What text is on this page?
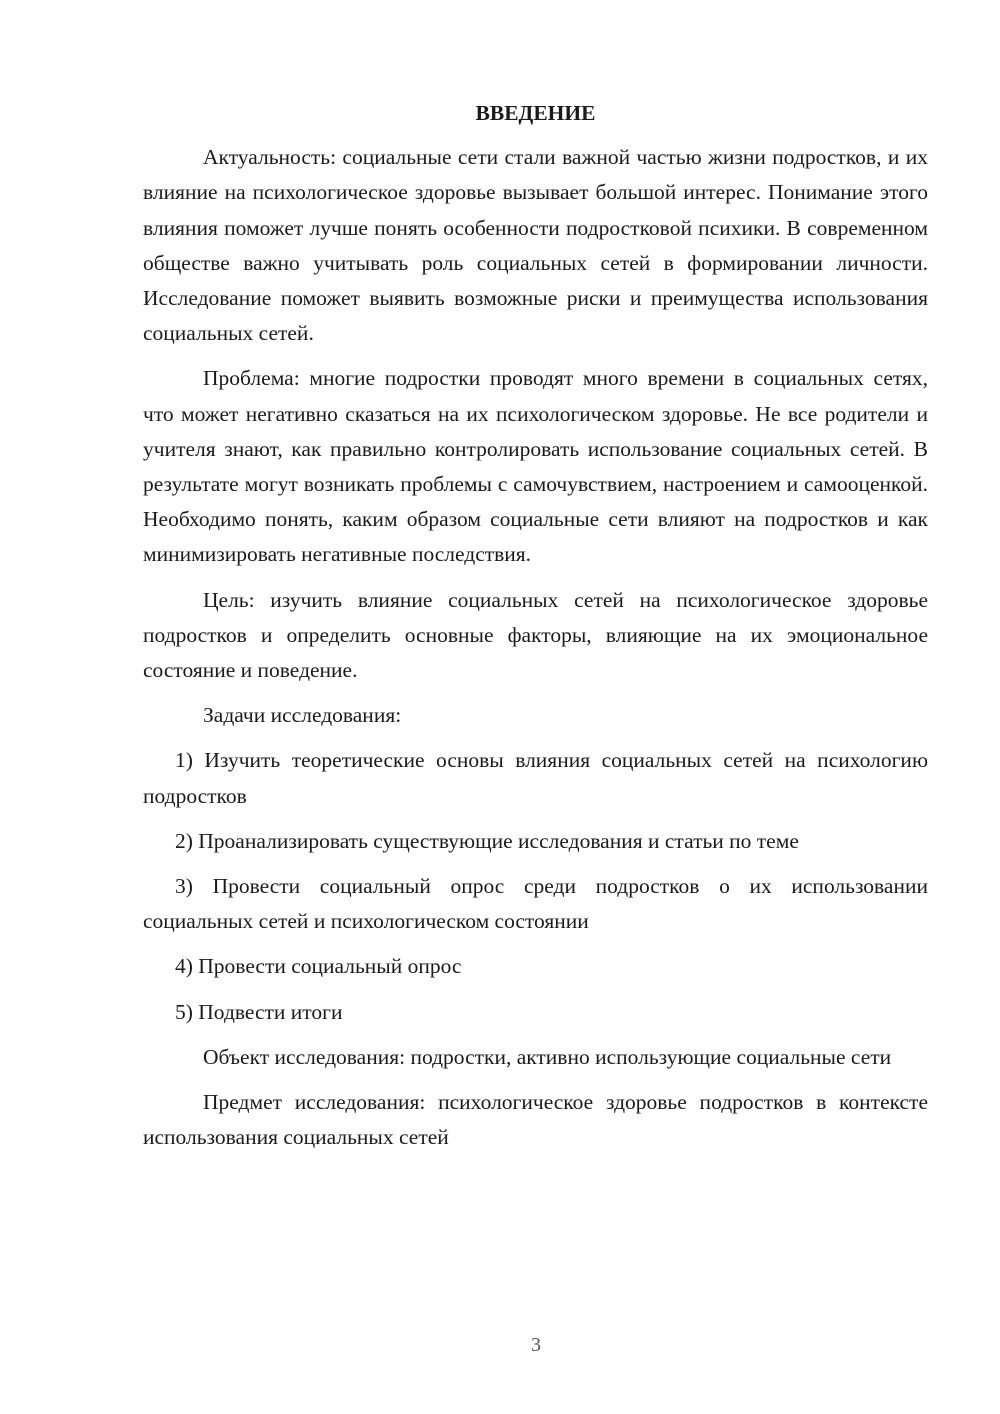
ВВЕДЕНИЕ

Актуальность: социальные сети стали важной частью жизни подростков, и их влияние на психологическое здоровье вызывает большой интерес. Понимание этого влияния поможет лучше понять особенности подростковой психики. В современном обществе важно учитывать роль социальных сетей в формировании личности. Исследование поможет выявить возможные риски и преимущества использования социальных сетей.

Проблема: многие подростки проводят много времени в социальных сетях, что может негативно сказаться на их психологическом здоровье. Не все родители и учителя знают, как правильно контролировать использование социальных сетей. В результате могут возникать проблемы с самочувствием, настроением и самооценкой. Необходимо понять, каким образом социальные сети влияют на подростков и как минимизировать негативные последствия.

Цель: изучить влияние социальных сетей на психологическое здоровье подростков и определить основные факторы, влияющие на их эмоциональное состояние и поведение.

Задачи исследования:

1) Изучить теоретические основы влияния социальных сетей на психологию подростков

2) Проанализировать существующие исследования и статьи по теме

3) Провести социальный опрос среди подростков о их использовании социальных сетей и психологическом состоянии

4) Провести социальный опрос

5) Подвести итоги

Объект исследования: подростки, активно использующие социальные сети

Предмет исследования: психологическое здоровье подростков в контексте использования социальных сетей

3
